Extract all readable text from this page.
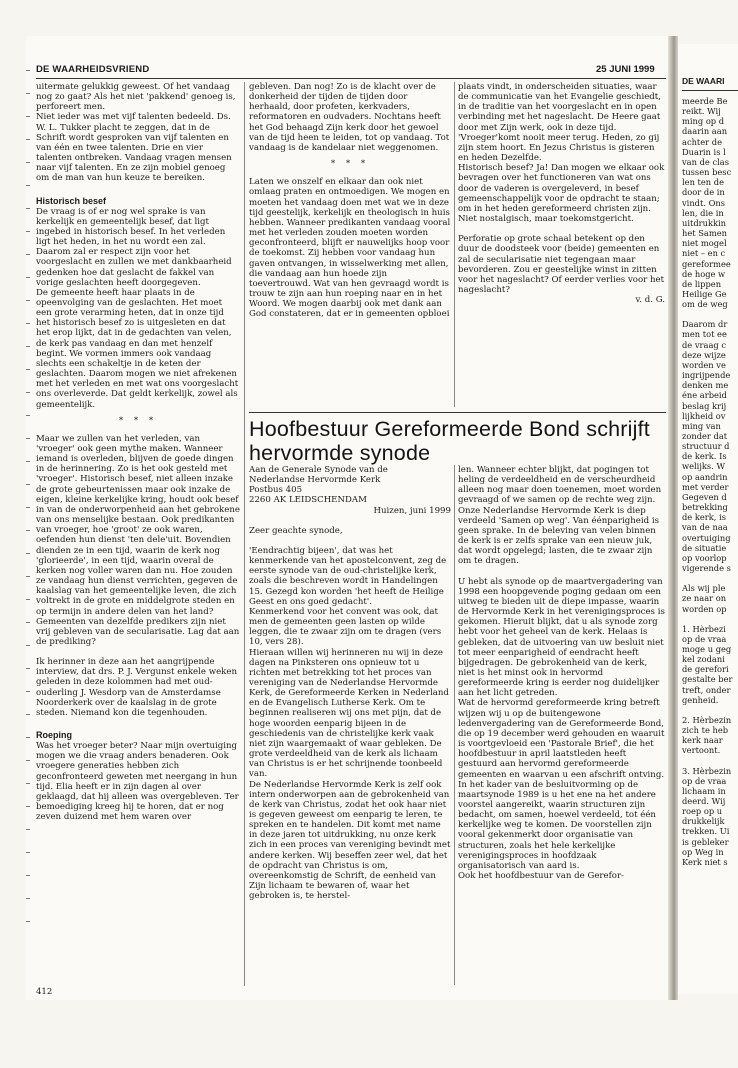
DE WAARHEIDSVRIEND	25 JUNI 1999

uitermate gelukkig geweest. Of het vandaag nog zo gaat? Als het niet 'pakkend' genoeg is, perforeert men.

Niet ieder was met vijf talenten bedeeld. Ds. W. L. Tukker placht te zeggen, dat in de Schrift wordt gesproken van vijf talenten en van één en twee talenten. Drie en vier talenten ontbreken. Vandaag vragen mensen naar vijf talenten. En ze zijn mobiel genoeg om de man van hun keuze te bereiken.

Historisch besef

De vraag is of er nog wel sprake is van kerkelijk en gemeentelijk besef, dat ligt ingebed in historisch besef. In het verleden ligt het heden, in het nu wordt een zal. Daarom zal er respect zijn voor het voorgeslacht en zullen we met dankbaarheid gedenken hoe dat geslacht de fakkel van vorige geslachten heeft doorgegeven.

De gemeente heeft haar plaats in de opeenvolging van de geslachten. Het moet een grote verarming heten, dat in onze tijd het historisch besef zo is uitgesleten en dat het erop lijkt, dat in de gedachten van velen, de kerk pas vandaag en dan met henzelf begint. We vormen immers ook vandaag slechts een schakeltje in de keten der geslachten. Daarom mogen we niet afrekenen met het verleden en met wat ons voorgeslacht ons overleverde. Dat geldt kerkelijk, zowel als gemeentelijk.

* * *

Maar we zullen van het verleden, van 'vroeger' ook geen mythe maken. Wanneer iemand is overleden, blijven de goede dingen in de herinnering. Zo is het ook gesteld met 'vroeger'. Historisch besef, niet alleen inzake de grote gebeurtenissen maar ook inzake de eigen, kleine kerkelijke kring, houdt ook besef in van de onderworpenheid aan het gebrokene van ons menselijke bestaan. Ook predikanten van vroeger, hoe 'groot' ze ook waren, oefenden hun dienst 'ten dele'uit. Bovendien dienden ze in een tijd, waarin de kerk nog 'glorieerde', in een tijd, waarin overal de kerken nog voller waren dan nu. Hoe zouden ze vandaag hun dienst verrichten, gegeven de kaalslag van het gemeentelijke leven, die zich voltrekt in de grote en middelgrote steden en op termijn in andere delen van het land? Gemeenten van dezelfde predikers zijn niet vrij gebleven van de secularisatie. Lag dat aan de prediking?

Ik herinner in deze aan het aangrijpende interview, dat drs. P. J. Vergunst enkele weken geleden in deze kolommen had met oud-ouderling J. Wesdorp van de Amsterdamse Noorderkerk over de kaalslag in de grote steden. Niemand kon die tegenhouden.

Roeping

Was het vroeger beter? Naar mijn overtuiging mogen we die vraag anders benaderen. Ook vroegere generaties hebben zich geconfronteerd geweten met neergang in hun tijd. Elia heeft er in zijn dagen al over geklaagd, dat hij alleen was overgebleven. Ter bemoediging kreeg hij te horen, dat er nog zeven duizend met hem waren over

gebleven. Dan nog! Zo is de klacht over de donkerheid der tijden de tijden door herhaald, door profeten, kerkvaders, reformatoren en oudvaders. Nochtans heeft het God behaagd Zijn kerk door het gewoel van de tijd heen te leiden, tot op vandaag. Tot vandaag is de kandelaar niet weggenomen.

* * *

Laten we onszelf en elkaar dan ook niet omlaag praten en ontmoedigen. We mogen en moeten het vandaag doen met wat we in deze tijd geestelijk, kerkelijk en theologisch in huis hebben. Wanneer predikanten vandaag vooral met het verleden zouden moeten worden geconfronteerd, blijft er nauwelijks hoop voor de toekomst. Zij hebben voor vandaag hun gaven ontvangen, in wisselwerking met allen, die vandaag aan hun hoede zijn toevertrouwd. Wat van hen gevraagd wordt is trouw te zijn aan hun roeping naar en in het Woord. We mogen daarbij ook met dank aan God constateren, dat er in gemeenten opbloei

plaats vindt, in onderscheiden situaties, waar de communicatie van het Evangelie geschiedt, in de traditie van het voorgeslacht en in open verbinding met het nageslacht. De Heere gaat door met Zijn werk, ook in deze tijd. 'Vroeger'komt nooit meer terug. Heden, zo gij zijn stem hoort. En Jezus Christus is gisteren en heden Dezelfde.

Historisch besef? Ja! Dan mogen we elkaar ook bevragen over het functioneren van wat ons door de vaderen is overgeleverd, in besef gemeenschappelijk voor de opdracht te staan; om in het heden gereformeerd christen zijn. Niet nostalgisch, maar toekomstgericht.

Perforatie op grote schaal betekent op den duur de doodsteek voor (beide) gemeenten en zal de secularisatie niet tegengaan maar bevorderen. Zou er geestelijke winst in zitten voor het nageslacht? Of eerder verlies voor het nageslacht?

v. d. G.

Hoofbestuur Gereformeerde Bond schrijft hervormde synode

Aan de Generale Synode van de

Nederlandse Hervormde Kerk

Postbus 405

2260 AK LEIDSCHENDAM

Huizen, juni 1999

Zeer geachte synode,

'Eendrachtig bijeen', dat was het kenmerkende van het apostelconvent, zeg de eerste synode van de oud-christelijke kerk, zoals die beschreven wordt in Handelingen 15. Gezegd kon worden 'het heeft de Heilige Geest en ons goed gedacht'.

Kenmerkend voor het convent was ook, dat men de gemeenten geen lasten op wilde leggen, die te zwaar zijn om te dragen (vers 10, vers 28).

Hieraan willen wij herinneren nu wij in deze dagen na Pinksteren ons opnieuw tot u richten met betrekking tot het proces van vereniging van de Nederlandse Hervormde Kerk, de Gereformeerde Kerken in Nederland en de Evangelisch Lutherse Kerk. Om te beginnen realiseren wij ons met pijn, dat de hoge woorden eenparig bijeen in de geschiedenis van de christelijke kerk vaak niet zijn waargemaakt of waar gebleken. De grote verdeeldheid van de kerk als lichaam van Christus is er het schrijnende toonbeeld van.

De Nederlandse Hervormde Kerk is zelf ook intern onderworpen aan de gebrokenheid van de kerk van Christus, zodat het ook haar niet is gegeven geweest om eenparig te leren, te spreken en te handelen. Dit komt met name in deze jaren tot uitdrukking, nu onze kerk zich in een proces van vereniging bevindt met andere kerken. Wij beseffen zeer wel, dat het de opdracht van Christus is om, overeenkomstig de Schrift, de eenheid van Zijn lichaam te bewaren of, waar het gebroken is, te herstel-

len. Wanneer echter blijkt, dat pogingen tot heling de verdeeldheid en de verscheurdheid alleen nog maar doen toenemen, moet worden gevraagd of we samen op de rechte weg zijn.

Onze Nederlandse Hervormde Kerk is diep verdeeld 'Samen op weg'. Van éénparigheid is geen sprake. In de beleving van velen binnen de kerk is er zelfs sprake van een nieuw juk, dat wordt opgelegd; lasten, die te zwaar zijn om te dragen.

U hebt als synode op de maartvergadering van 1998 een hoopgevende poging gedaan om een uitweg te bieden uit de diepe impasse, waarin de Hervormde Kerk in het verenigingsproces is gekomen. Hieruit blijkt, dat u als synode zorg hebt voor het geheel van de kerk. Helaas is gebleken, dat de uitvoering van uw besluit niet tot meer eenparigheid of eendracht heeft bijgedragen. De gebrokenheid van de kerk, niet is het minst ook in hervormd gereformeerde kring is eerder nog duidelijker aan het licht getreden.

Wat de hervormd gereformeerde kring betreft wijzen wij u op de buitengewone ledenvergadering van de Gereformeerde Bond, die op 19 december werd gehouden en waaruit is voortgevloeid een 'Pastorale Brief', die het hoofdbestuur in april laatstleden heeft gestuurd aan hervormd gereformeerde gemeenten en waarvan u een afschrift ontving.

In het kader van de besluitvorming op de maartsynode 1989 is u het ene na het andere voorstel aangereikt, waarin structuren zijn bedacht, om samen, hoewel verdeeld, tot één kerkelijke weg te komen. De voorstellen zijn vooral gekenmerkt door organisatie van structuren, zoals het hele kerkelijke verenigingsproces in hoofdzaak organisatorisch van aard is.

Ook het hoofdbestuur van de Gerefor-

412
DE WAARI

meerde Be

reikt. Wij

ming op d

daarin aan

achter de

Duarin is l

van de clas

tussen besc

len ten de

door de in

vindt. Ons

len, die in

uitdrukkin

het Samen

niet mogel

niet – en c

gereformee

de hoge w

de lippen

Heilige Ge

om de weg

Daarom dr

men tot ee

de vraag c

deze wijze

worden ve

ingrijpende

denken me

éne arbeid

beslag krij

lijkheid ov

ming van

zonder dat

structuur d

de kerk. Is

welijks. W

op aandrin

met verder

Gegeven d

betrekking

de kerk, is

van de naa

overtuiging

de situatie

op voorlop

vigerende s

Als wij ple

ze naar on

worden op

1. Hèrbezi

op de vraa

moge u geg

kel zodani

de gerefori

gestalte ber

treft, onder

genheid.

2. Hèrbezin

zich te heb

kerk naar

vertoont.

3. Hèrbezin

op de vraa

lichaam in

deerd. Wij

roep op u

drukkelijk

trekken. Ui

is gebleker

op Weg in

Kerk niet s
